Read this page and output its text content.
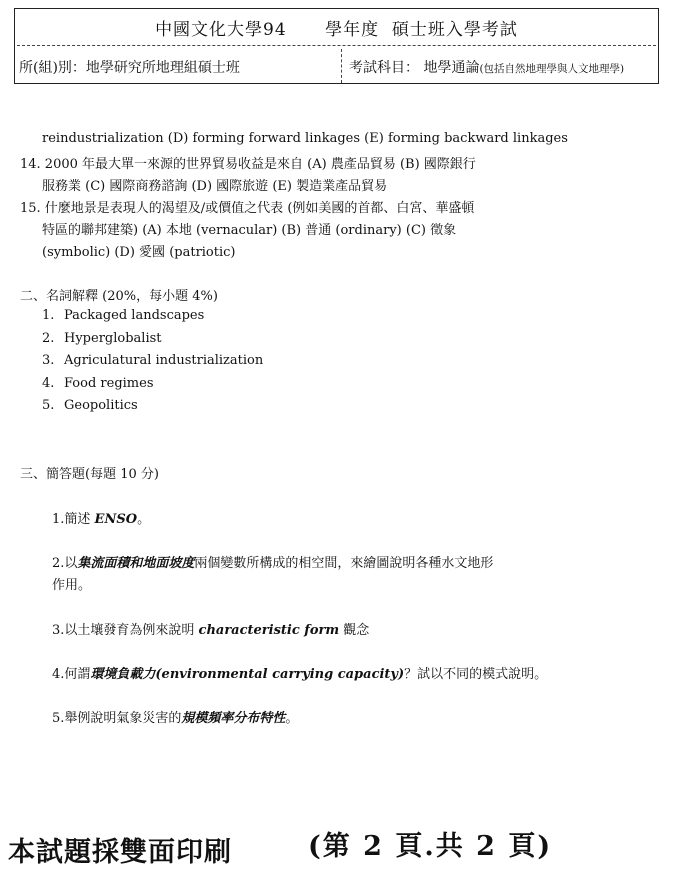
中國文化大學94      學年度  碩士班入學考試
所(組)別：地學研究所地理組碩士班	考試科目： 地學通論(包括自然地理學與人文地理學)
reindustrialization (D) forming forward linkages (E) forming backward linkages
14. 2000 年最大單一來源的世界貿易收益是來自 (A) 農產品貿易 (B) 國際銀行
服務業 (C) 國際商務諮詢 (D) 國際旅遊 (E) 製造業產品貿易
15. 什麼地景是表現人的渴望及/或價值之代表 (例如美國的首都、白宮、華盛頓
特區的聯邦建築) (A) 本地 (vernacular) (B) 普通 (ordinary) (C) 徵象
(symbolic) (D) 愛國 (patriotic)
二、名詞解釋 (20%，每小題 4%)
1. Packaged landscapes
2. Hyperglobalist
3. Agriculatural industrialization
4. Food regimes
5. Geopolitics
三、簡答題(每題 10 分)
1.簡述 ENSO。
2.以集流面積和地面坡度兩個變數所構成的相空間，來繪圖說明各種水文地形
作用。
3.以土壤發育為例來說明 characteristic form 觀念
4.何謂環境負載力(environmental carrying capacity)？試以不同的模式說明。
5.舉例說明氣象災害的規模頻率分布特性。
本試題採雙面印刷	(第 2 頁.共 2 頁)
